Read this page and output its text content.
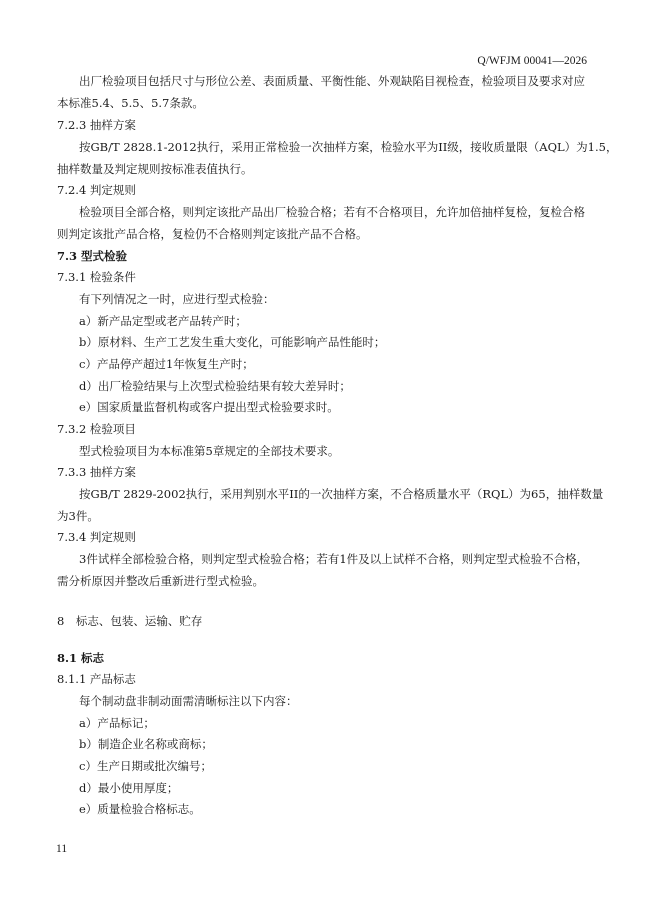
Q/WFJM 00041—2026
出厂检验项目包括尺寸与形位公差、表面质量、平衡性能、外观缺陷目视检查，检验项目及要求对应
本标准5.4、5.5、5.7条款。
7.2.3 抽样方案
按GB/T 2828.1-2012执行，采用正常检验一次抽样方案，检验水平为II级，接收质量限（AQL）为1.5，
抽样数量及判定规则按标准表值执行。
7.2.4 判定规则
检验项目全部合格，则判定该批产品出厂检验合格；若有不合格项目，允许加倍抽样复检，复检合格
则判定该批产品合格，复检仍不合格则判定该批产品不合格。
7.3 型式检验
7.3.1 检验条件
有下列情况之一时，应进行型式检验：
a）新产品定型或老产品转产时；
b）原材料、生产工艺发生重大变化，可能影响产品性能时；
c）产品停产超过1年恢复生产时；
d）出厂检验结果与上次型式检验结果有较大差异时；
e）国家质量监督机构或客户提出型式检验要求时。
7.3.2 检验项目
型式检验项目为本标准第5章规定的全部技术要求。
7.3.3 抽样方案
按GB/T 2829-2002执行，采用判别水平II的一次抽样方案，不合格质量水平（RQL）为65，抽样数量
为3件。
7.3.4 判定规则
3件试样全部检验合格，则判定型式检验合格；若有1件及以上试样不合格，则判定型式检验不合格，
需分析原因并整改后重新进行型式检验。
8　标志、包装、运输、贮存
8.1 标志
8.1.1 产品标志
每个制动盘非制动面需清晰标注以下内容：
a）产品标记；
b）制造企业名称或商标；
c）生产日期或批次编号；
d）最小使用厚度；
e）质量检验合格标志。
11
